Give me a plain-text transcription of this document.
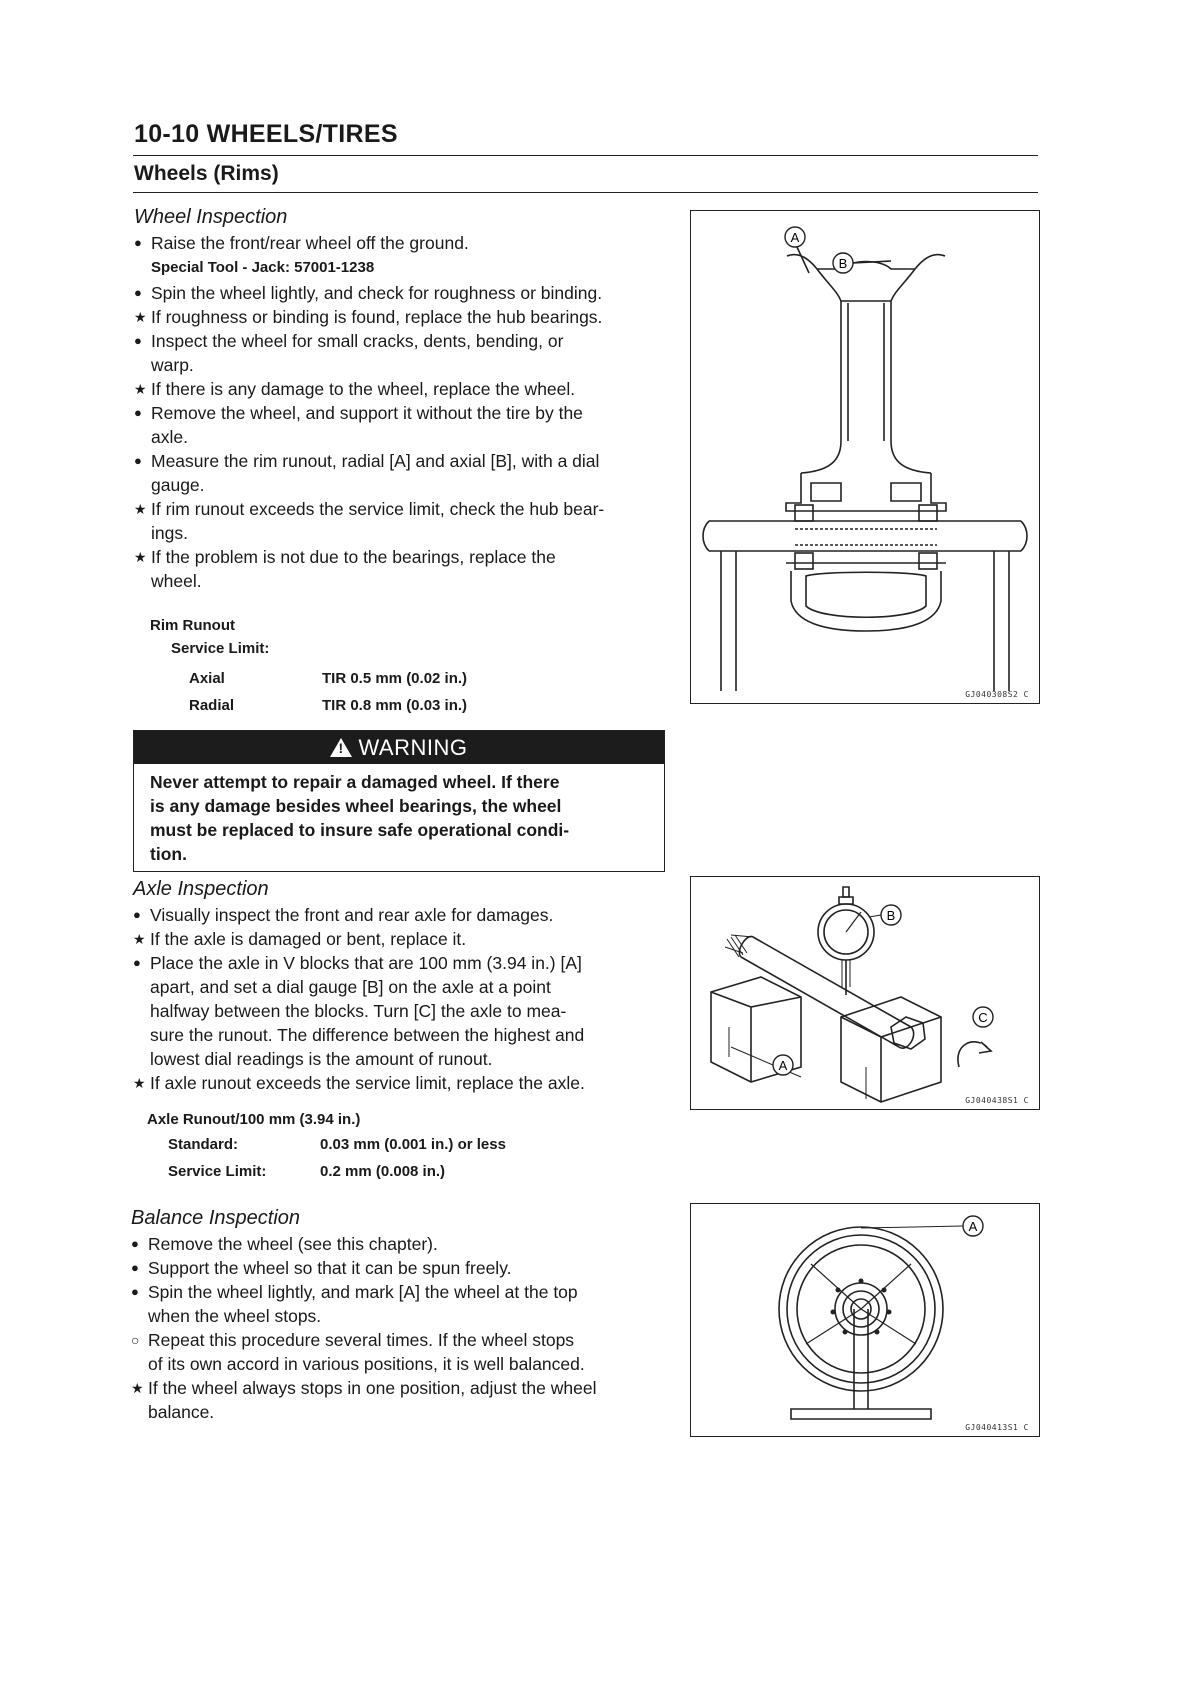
10-10 WHEELS/TIRES
Wheels (Rims)
Wheel Inspection
● Raise the front/rear wheel off the ground.
Special Tool - Jack: 57001-1238
● Spin the wheel lightly, and check for roughness or binding.
★ If roughness or binding is found, replace the hub bearings.
● Inspect the wheel for small cracks, dents, bending, or
warp.
★ If there is any damage to the wheel, replace the wheel.
● Remove the wheel, and support it without the tire by the
axle.
● Measure the rim runout, radial [A] and axial [B], with a dial
gauge.
★ If rim runout exceeds the service limit, check the hub bear-
ings.
★ If the problem is not due to the bearings, replace the
wheel.
Rim Runout
Service Limit:
Axial	TIR 0.5 mm (0.02 in.)
Radial	TIR 0.8 mm (0.03 in.)
!WARNING
Never attempt to repair a damaged wheel. If there
is any damage besides wheel bearings, the wheel
must be replaced to insure safe operational condi-
tion.
Axle Inspection
● Visually inspect the front and rear axle for damages.
★ If the axle is damaged or bent, replace it.
● Place the axle in V blocks that are 100 mm (3.94 in.) [A]
apart, and set a dial gauge [B] on the axle at a point
halfway between the blocks. Turn [C] the axle to mea-
sure the runout. The difference between the highest and
lowest dial readings is the amount of runout.
★ If axle runout exceeds the service limit, replace the axle.
Axle Runout/100 mm (3.94 in.)
Standard:	0.03 mm (0.001 in.) or less
Service Limit:	0.2 mm (0.008 in.)
Balance Inspection
● Remove the wheel (see this chapter).
● Support the wheel so that it can be spun freely.
● Spin the wheel lightly, and mark [A] the wheel at the top
when the wheel stops.
○ Repeat this procedure several times. If the wheel stops
of its own accord in various positions, it is well balanced.
★ If the wheel always stops in one position, adjust the wheel
balance.
A
B
GJ040308S2 C
B
A
C
GJ040438S1 C
A
GJ040413S1 C
